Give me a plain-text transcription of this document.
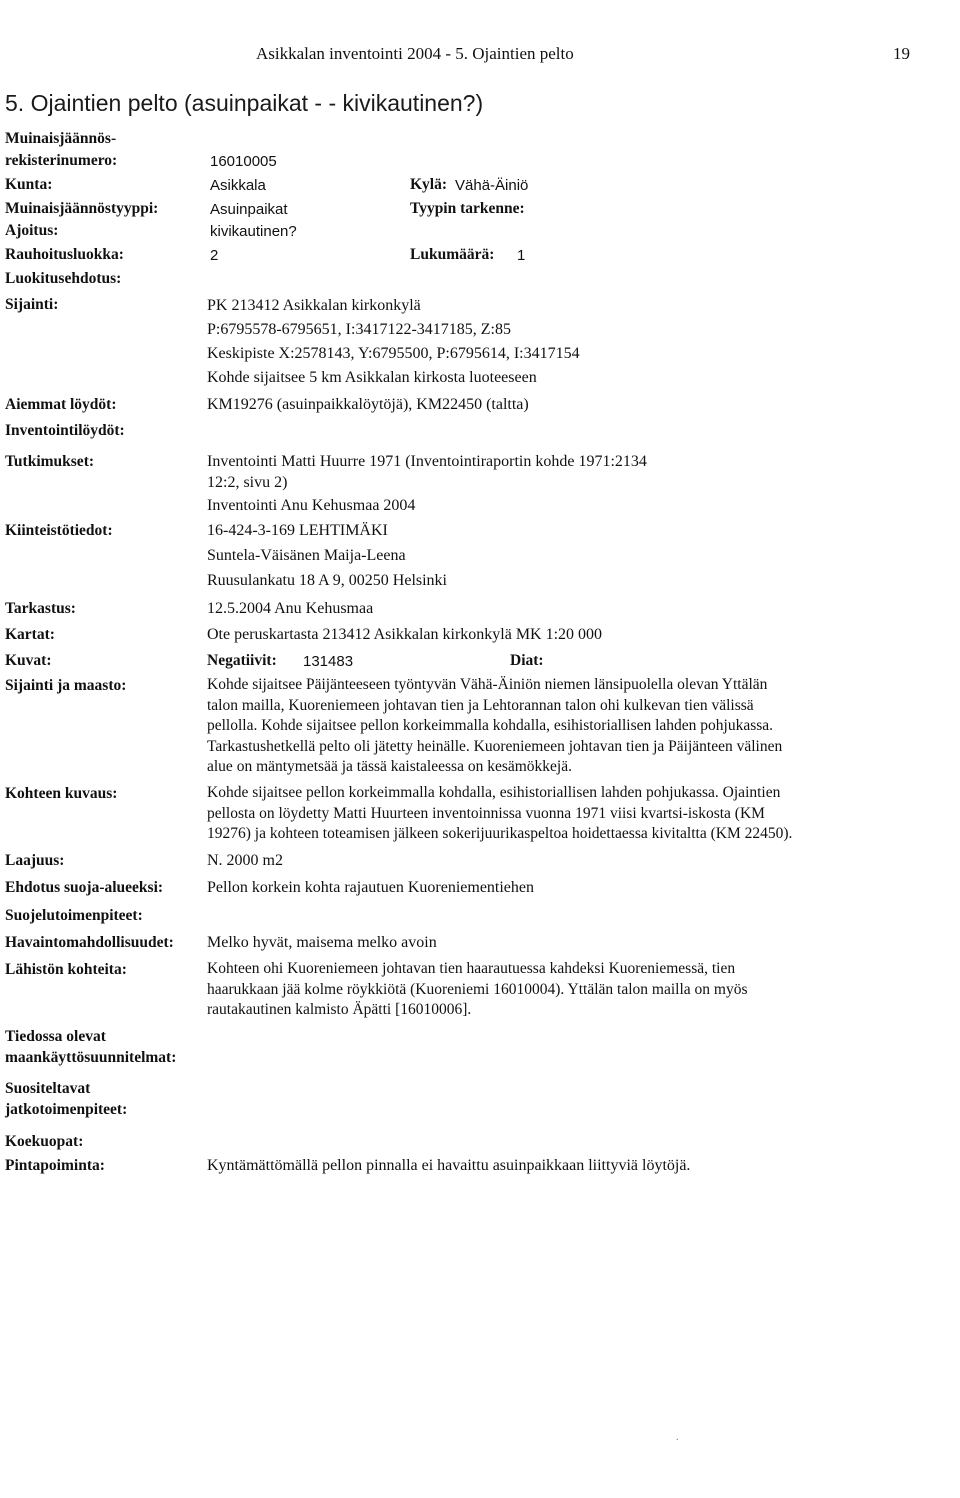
Asikkalan inventointi 2004 - 5. Ojaintien pelto	19
5. Ojaintien pelto (asuinpaikat - - kivikautinen?)
Muinaisjäännös-
rekisterinumero:	16010005
Kunta:	Asikkala	Kylä: Vähä-Äiniö
Muinaisjäännöstyyppi:	Asuinpaikat	Tyypin tarkenne:
Ajoitus:	kivikautinen?
Rauhoitusluokka:	2	Lukumäärä: 1
Luokitusehdotus:
Sijainti:	PK 213412 Asikkalan kirkonkylä
P:6795578-6795651, I:3417122-3417185, Z:85
Keskipiste X:2578143, Y:6795500, P:6795614, I:3417154
Kohde sijaitsee 5 km Asikkalan kirkosta luoteeseen
Aiemmat löydöt:	KM19276 (asuinpaikkalöytöjä), KM22450 (taltta)
Inventointilöydöt:
Tutkimukset:	Inventointi Matti Huurre 1971 (Inventointiraportin kohde 1971:2134
12:2, sivu 2)
Inventointi Anu Kehusmaa 2004
Kiinteistötiedot:	16-424-3-169 LEHTIMÄKI
Suntela-Väisänen Maija-Leena
Ruusulankatu 18 A 9, 00250 Helsinki
Tarkastus:	12.5.2004 Anu Kehusmaa
Kartat:	Ote peruskartasta 213412 Asikkalan kirkonkylä MK 1:20 000
Kuvat:	Negatiivit: 131483	Diat:
Sijainti ja maasto:	Kohde sijaitsee Päijänteeseen työntyvän Vähä-Äiniön niemen länsipuolella olevan Yttälän
talon mailla, Kuoreniemeen johtavan tien ja Lehtorannan talon ohi kulkevan tien välissä
pellolla. Kohde sijaitsee pellon korkeimmalla kohdalla, esihistoriallisen lahden pohjukassa.
Tarkastushetkellä pelto oli jätetty heinälle. Kuoreniemeen johtavan tien ja Päijänteen välinen
alue on mäntymetsää ja tässä kaistaleessa on kesämökkejä.
Kohteen kuvaus:	Kohde sijaitsee pellon korkeimmalla kohdalla, esihistoriallisen lahden pohjukassa. Ojaintien
pellosta on löydetty Matti Huurteen inventoinnissa vuonna 1971 viisi kvartsi-iskosta (KM
19276) ja kohteen toteamisen jälkeen sokerijuurikaspeltoa hoidettaessa kivitaltta (KM 22450).
Laajuus:	N. 2000 m2
Ehdotus suoja-alueeksi:	Pellon korkein kohta rajautuen Kuoreniementiehen
Suojelutoimenpiteet:
Havaintomahdollisuudet: Melko hyvät, maisema melko avoin
Lähistön kohteita:	Kohteen ohi Kuoreniemeen johtavan tien haarautuessa kahdeksi Kuoreniemessä, tien
haarukkaan jää kolme röykkiötä (Kuoreniemi 16010004). Yttälän talon mailla on myös
rautakautinen kalmisto Äpätti [16010006].
Tiedossa olevat
maankäyttösuunnitelmat:
Suositeltavat
jatkotoimenpiteet:
Koekuopat:
Pintapoiminta:	Kyntämättömällä pellon pinnalla ei havaittu asuinpaikkaan liittyviä löytöjä.
.
